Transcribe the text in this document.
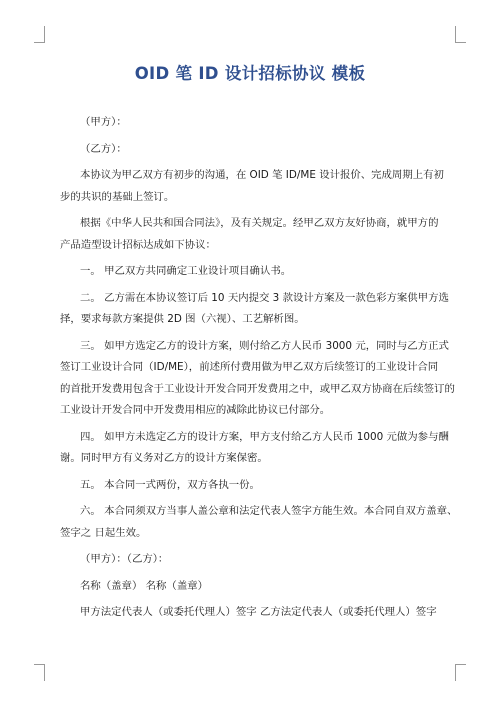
OID 笔 ID 设计招标协议 模板
（甲方）：
（乙方）：
本协议为甲乙双方有初步的沟通，在 OID 笔 ID/ME 设计报价、完成周期上有初
步的共识的基础上签订。
根据《中华人民共和国合同法》，及有关规定。经甲乙双方友好协商，就甲方的
产品造型设计招标达成如下协议：
一。 甲乙双方共同确定工业设计项目确认书。
二。 乙方需在本协议签订后 10 天内提交 3 款设计方案及一款色彩方案供甲方选
择，要求每款方案提供 2D 图（六视）、工艺解析图。
三。 如甲方选定乙方的设计方案，则付给乙方人民币 3000 元，同时与乙方正式
签订工业设计合同（ID/ME），前述所付费用做为甲乙双方后续签订的工业设计合同
的首批开发费用包含于工业设计开发合同开发费用之中，或甲乙双方协商在后续签订的
工业设计开发合同中开发费用相应的减除此协议已付部分。
四。 如甲方未选定乙方的设计方案，甲方支付给乙方人民币 1000 元做为参与酬
谢。同时甲方有义务对乙方的设计方案保密。
五。 本合同一式两份，双方各执一份。
六。 本合同须双方当事人盖公章和法定代表人签字方能生效。本合同自双方盖章、
签字之 日起生效。
（甲方）：（乙方）：
名称（盖章） 名称（盖章）
甲方法定代表人（或委托代理人）签字 乙方法定代表人（或委托代理人）签字
